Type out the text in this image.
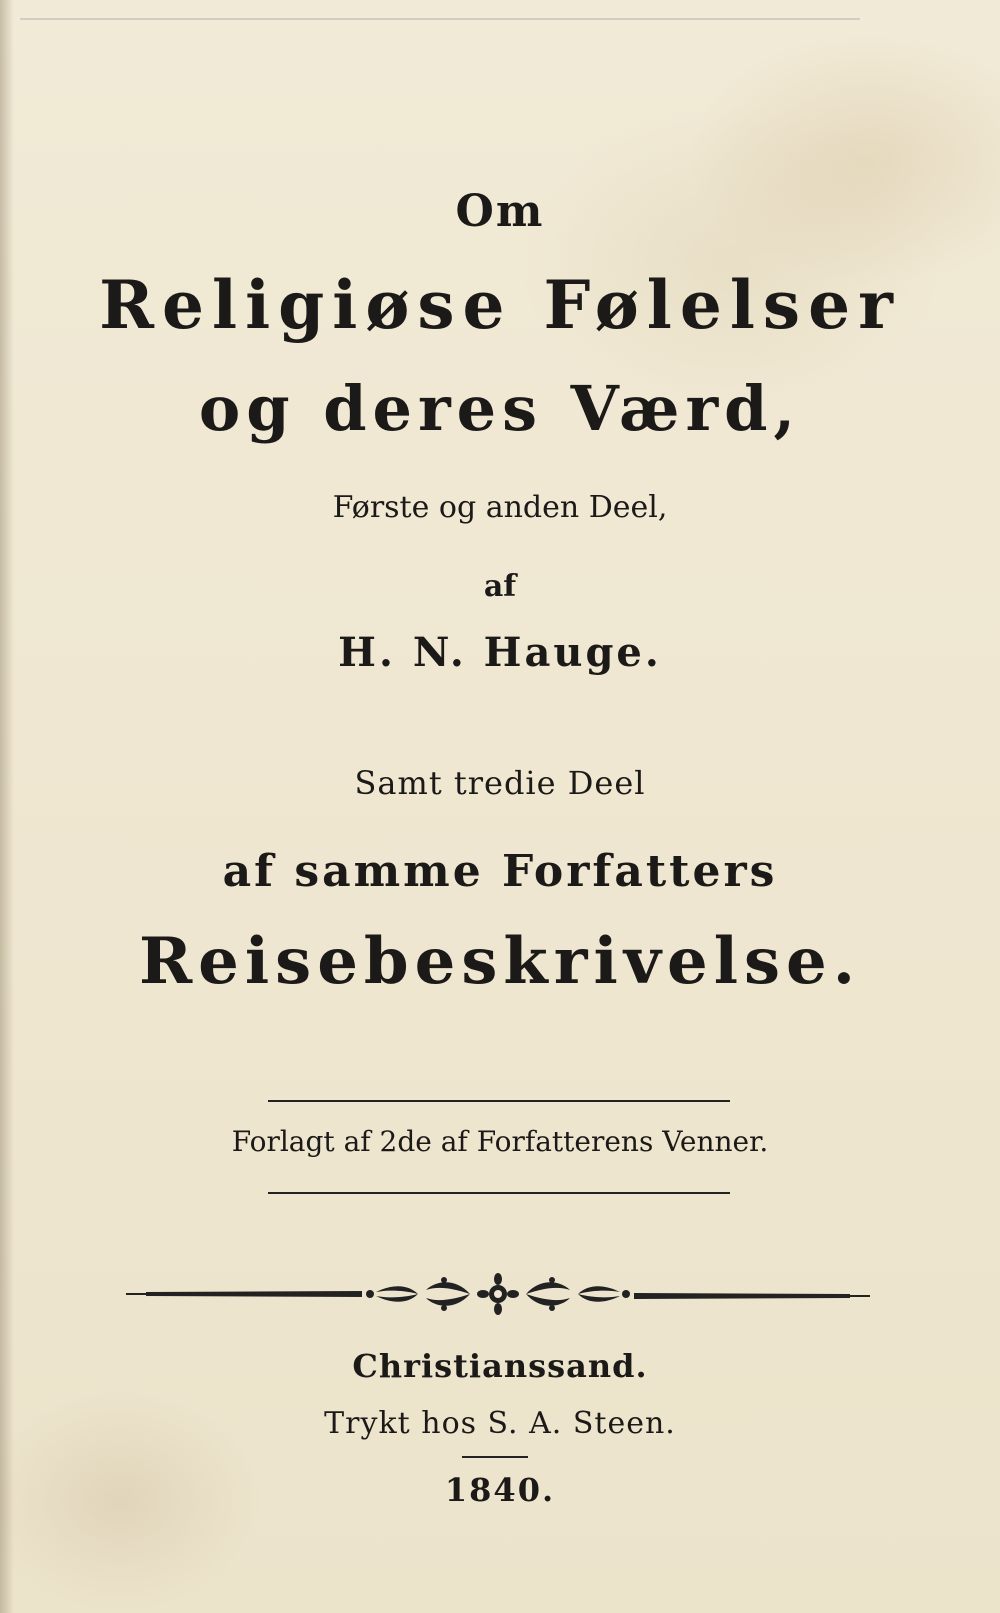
Om
Religiøse Følelser
og deres Værd,
Første og anden Deel,
af
H. N. Hauge.
Samt tredie Deel
af samme Forfatters
Reisebeskrivelse.
Forlagt af 2de af Forfatterens Venner.
Christianssand.
Trykt hos S. A. Steen.
1840.
